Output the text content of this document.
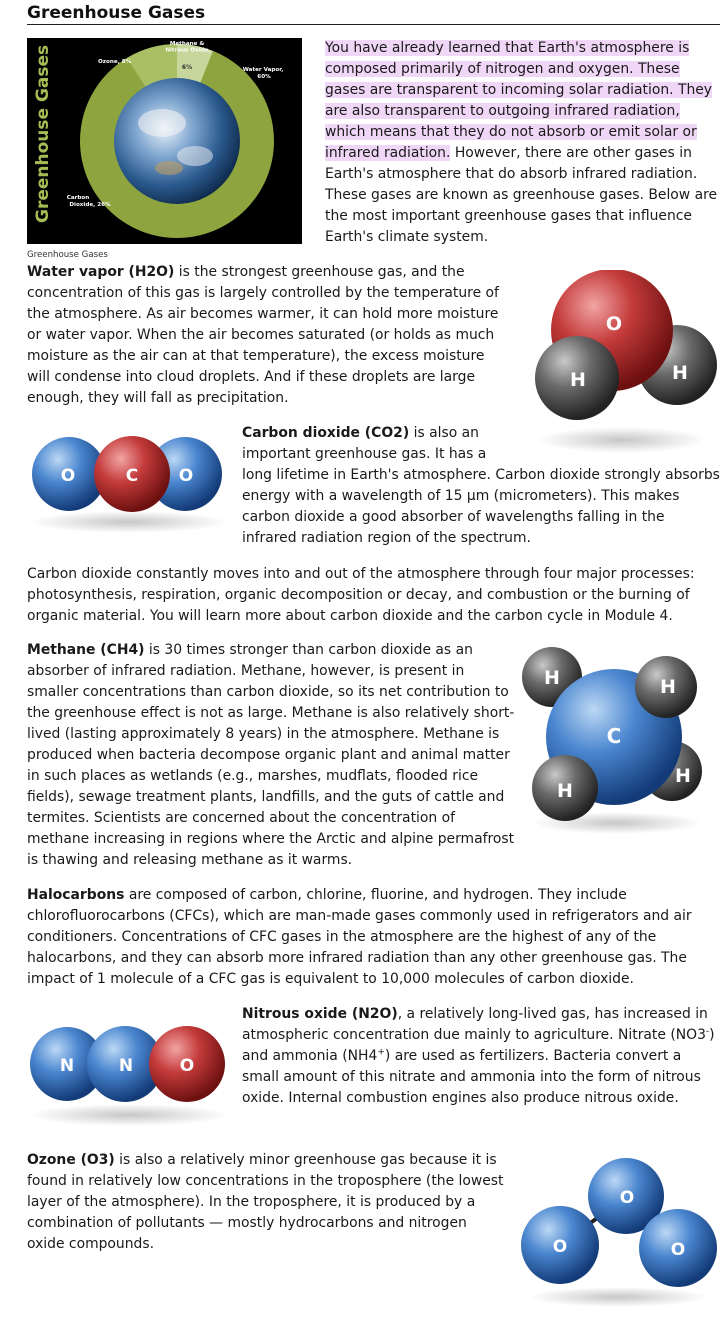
Greenhouse Gases
Greenhouse Gases
Methane & Nitrous Oxide,
6%
Ozone, 8%
Water Vapor, 60%
Carbon Dioxide, 26%
Greenhouse Gases

You have already learned that Earth's atmosphere is composed primarily of nitrogen and oxygen. These gases are transparent to incoming solar radiation. They are also transparent to outgoing infrared radiation, which means that they do not absorb or emit solar or infrared radiation. However, there are other gases in Earth's atmosphere that do absorb infrared radiation. These gases are known as greenhouse gases. Below are the most important greenhouse gases that influence Earth's climate system.

Water vapor (H2O) is the strongest greenhouse gas, and the concentration of this gas is largely controlled by the temperature of the atmosphere. As air becomes warmer, it can hold more moisture or water vapor. When the air becomes saturated (or holds as much moisture as the air can at that temperature), the excess moisture will condense into cloud droplets. And if these droplets are large enough, they will fall as precipitation.

O
H	H
O	C O

Carbon dioxide (CO2) is also an important greenhouse gas. It has a long lifetime in Earth's atmosphere. Carbon dioxide strongly absorbs energy with a wavelength of 15 μm (micrometers). This makes carbon dioxide a good absorber of wavelengths falling in the infrared radiation region of the spectrum.

Carbon dioxide constantly moves into and out of the atmosphere through four major processes: photosynthesis, respiration, organic decomposition or decay, and combustion or the burning of organic material. You will learn more about carbon dioxide and the carbon cycle in Module 4.

Methane (CH4) is 30 times stronger than carbon dioxide as an absorber of infrared radiation. Methane, however, is present in smaller concentrations than carbon dioxide, so its net contribution to the greenhouse effect is not as large. Methane is also relatively short-lived (lasting approximately 8 years) in the atmosphere. Methane is produced when bacteria decompose organic plant and animal matter in such places as wetlands (e.g., marshes, mudflats, flooded rice fields), sewage treatment plants, landfills, and the guts of cattle and termites. Scientists are concerned about the concentration of methane increasing in regions where the Arctic and alpine permafrost is thawing and releasing methane as it warms.

C
H	H
H
H

Halocarbons are composed of carbon, chlorine, fluorine, and hydrogen. They include chlorofluorocarbons (CFCs), which are man-made gases commonly used in refrigerators and air conditioners. Concentrations of CFC gases in the atmosphere are the highest of any of the halocarbons, and they can absorb more infrared radiation than any other greenhouse gas. The impact of 1 molecule of a CFC gas is equivalent to 10,000 molecules of carbon dioxide.

N	N	O

Nitrous oxide (N2O), a relatively long-lived gas, has increased in atmospheric concentration due mainly to agriculture. Nitrate (NO3-) and ammonia (NH4+) are used as fertilizers. Bacteria convert a small amount of this nitrate and ammonia into the form of nitrous oxide. Internal combustion engines also produce nitrous oxide.

Ozone (O3) is also a relatively minor greenhouse gas because it is found in relatively low concentrations in the troposphere (the lowest layer of the atmosphere). In the troposphere, it is produced by a combination of pollutants — mostly hydrocarbons and nitrogen oxide compounds.

O
O	O
